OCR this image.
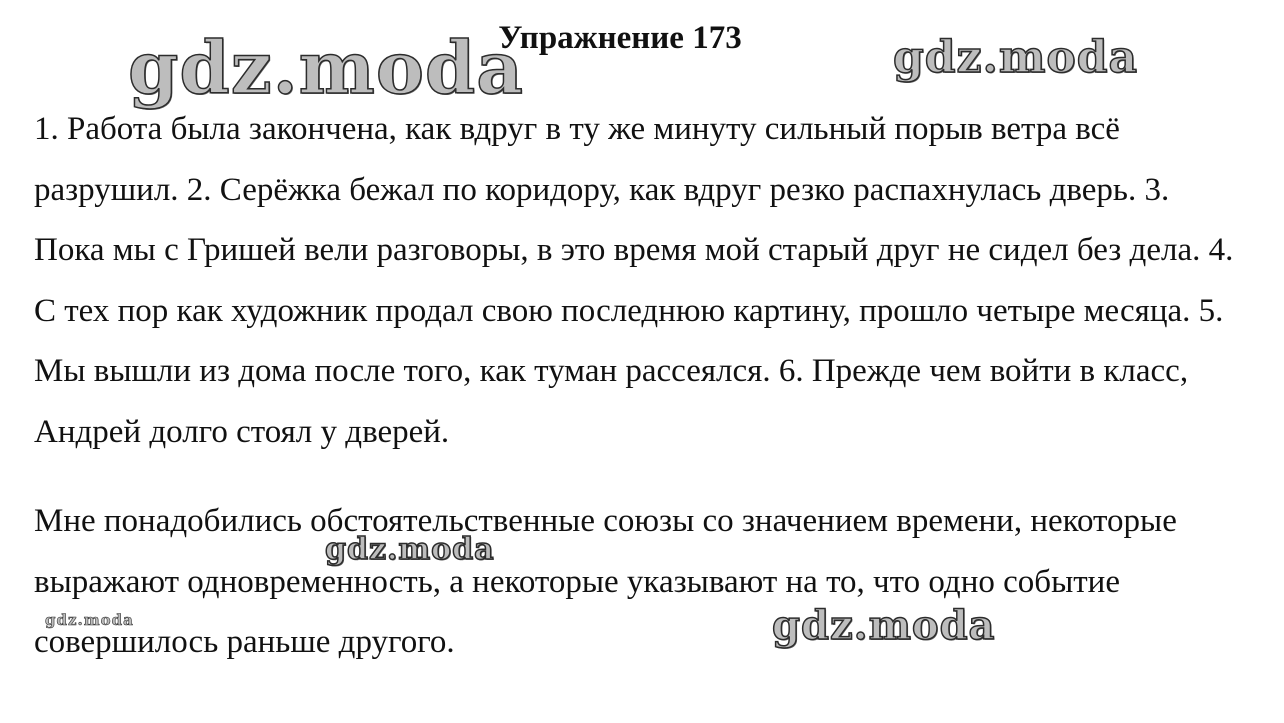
Упражнение 173
1. Работа была закончена, как вдруг в ту же минуту сильный порыв ветра всё разрушил. 2. Серёжка бежал по коридору, как вдруг резко распахнулась дверь. 3. Пока мы с Гришей вели разговоры, в это время мой старый друг не сидел без дела. 4. С тех пор как художник продал свою последнюю картину, прошло четыре месяца. 5. Мы вышли из дома после того, как туман рассеялся. 6. Прежде чем войти в класс, Андрей долго стоял у дверей.
Мне понадобились обстоятельственные союзы со значением времени, некоторые выражают одновременность, а некоторые указывают на то, что одно событие совершилось раньше другого.
gdz.moda	gdz.moda
gdz.moda
gdz.moda
gdz.moda
